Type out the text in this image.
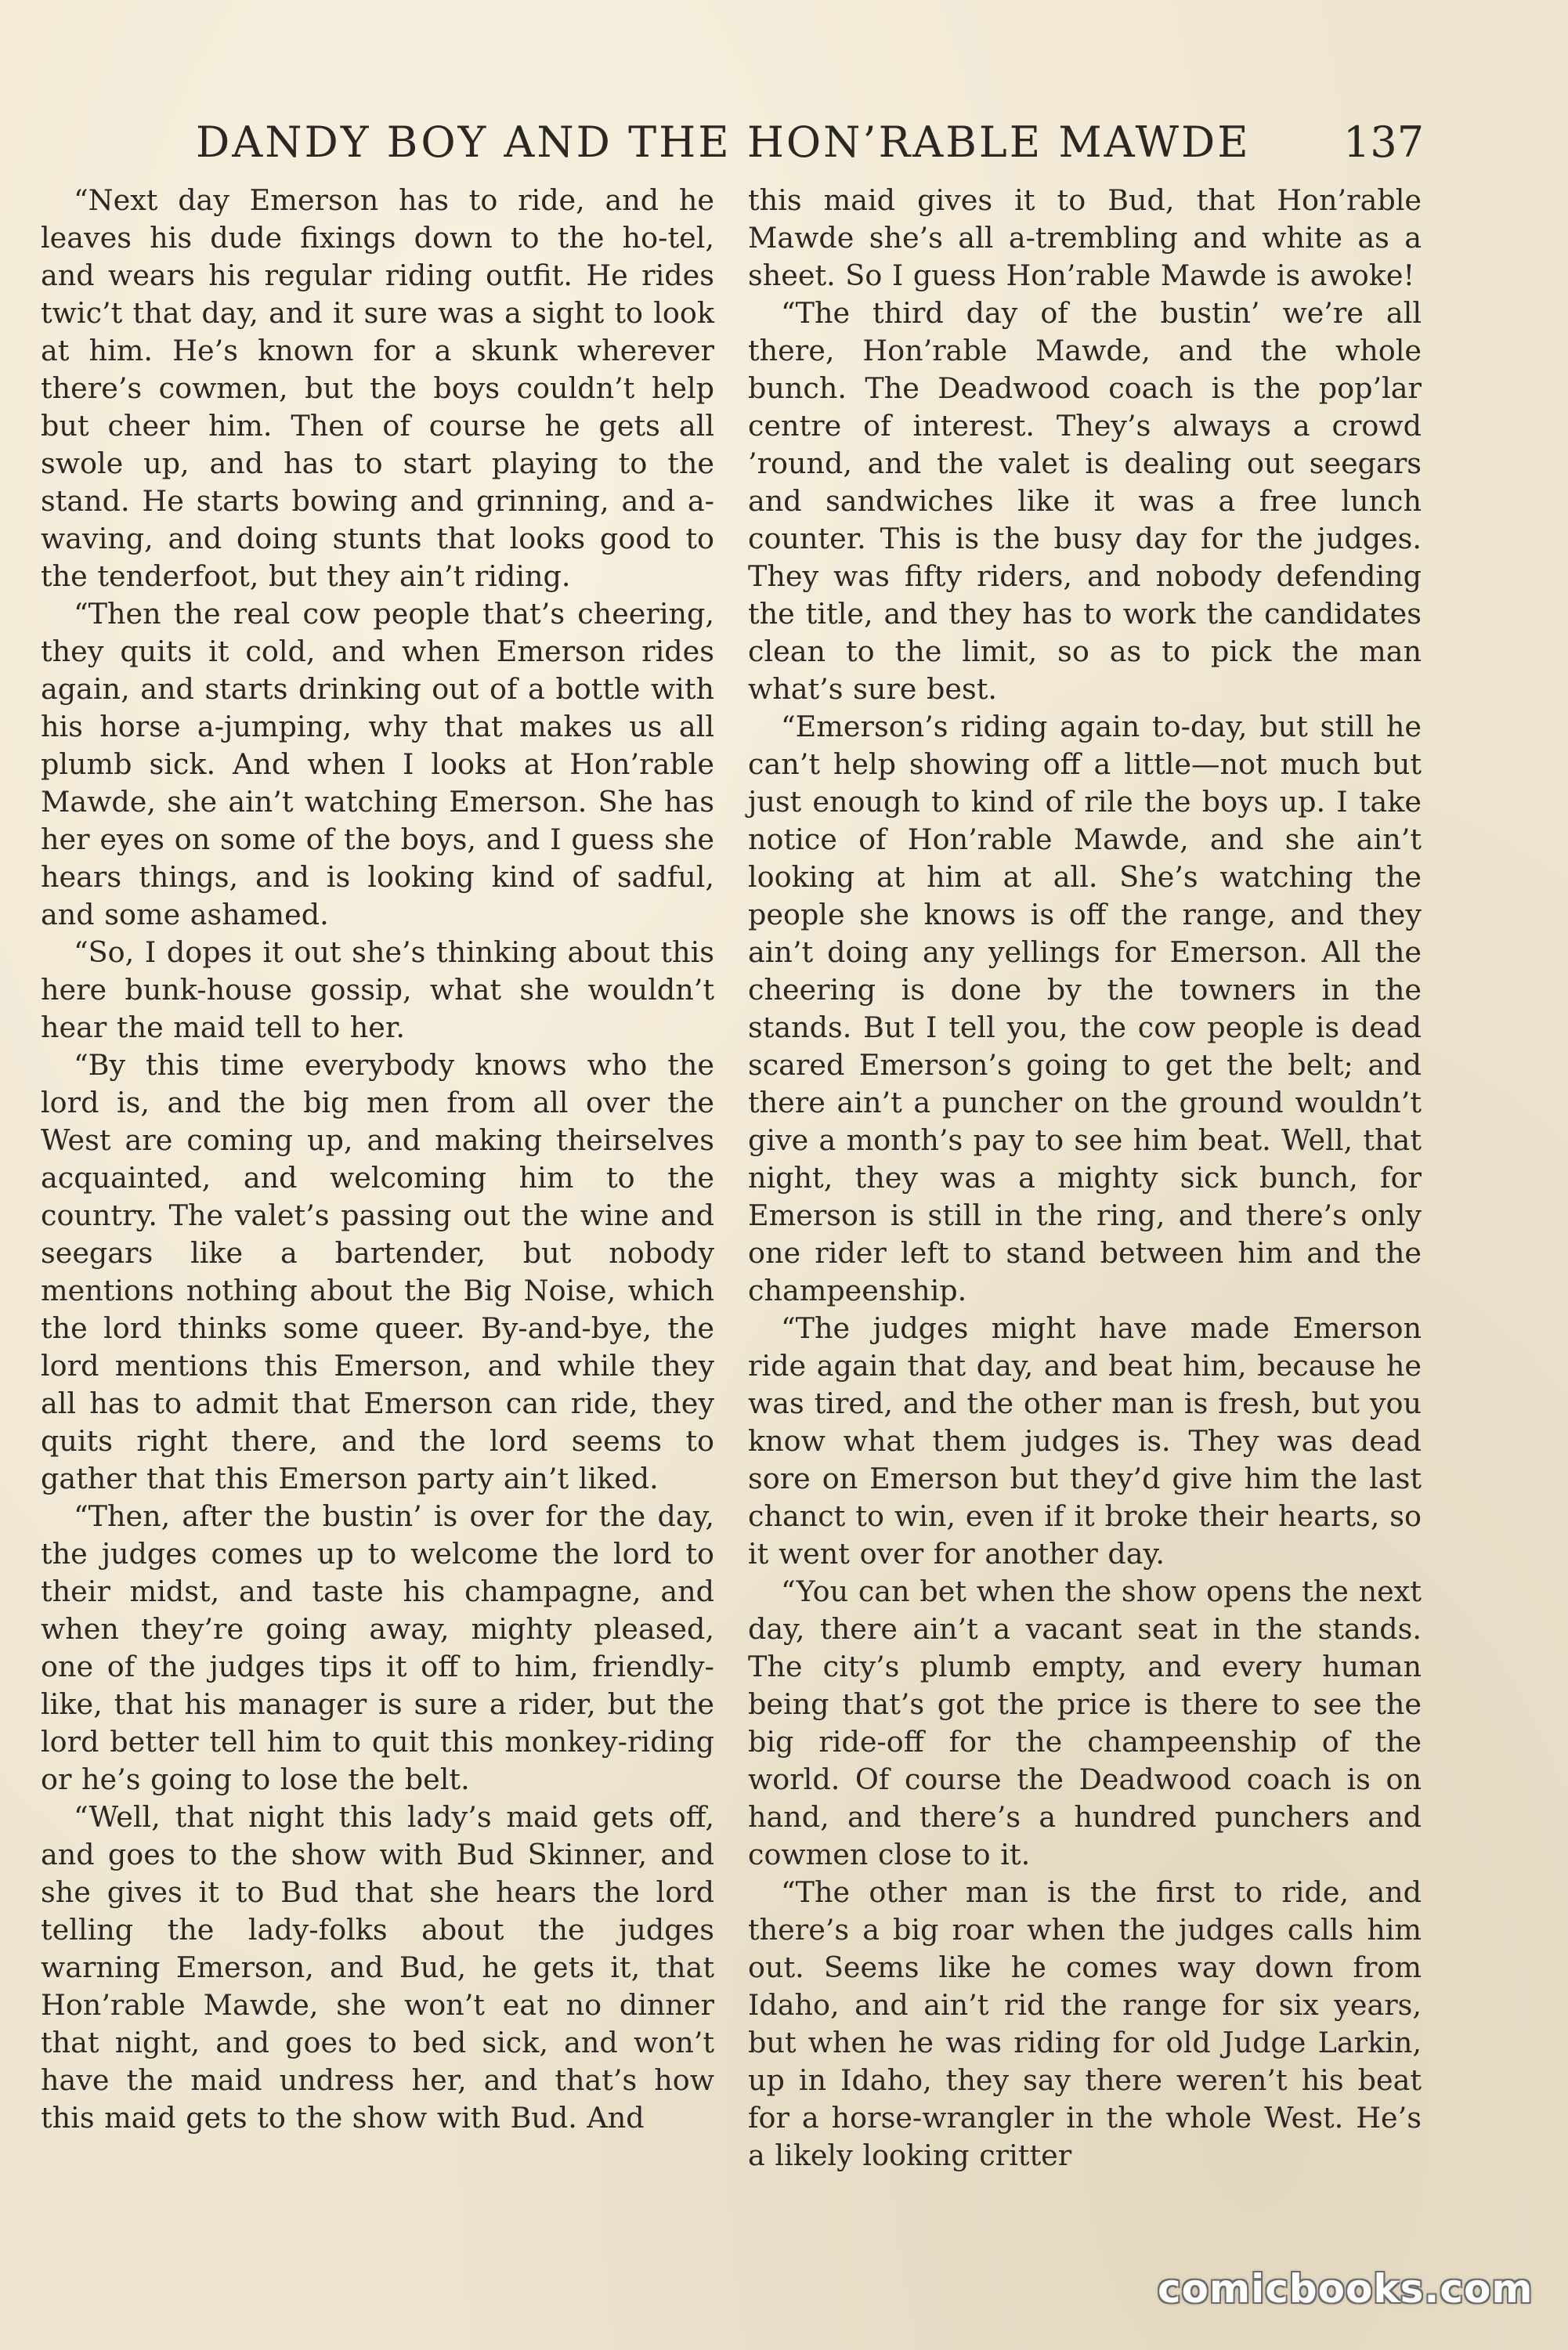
DANDY BOY AND THE HON’RABLE MAWDE 137

“Next day Emerson has to ride, and he leaves his dude fixings down to the ho-tel, and wears his regular riding outfit. He rides twic’t that day, and it sure was a sight to look at him. He’s known for a skunk wherever there’s cowmen, but the boys couldn’t help but cheer him. Then of course he gets all swole up, and has to start playing to the stand. He starts bowing and grinning, and a-waving, and doing stunts that looks good to the tenderfoot, but they ain’t riding.

“Then the real cow people that’s cheering, they quits it cold, and when Emerson rides again, and starts drinking out of a bottle with his horse a-jumping, why that makes us all plumb sick. And when I looks at Hon’rable Mawde, she ain’t watching Emerson. She has her eyes on some of the boys, and I guess she hears things, and is looking kind of sadful, and some ashamed.

“So, I dopes it out she’s thinking about this here bunk-house gossip, what she wouldn’t hear the maid tell to her.

“By this time everybody knows who the lord is, and the big men from all over the West are coming up, and making theirselves acquainted, and welcoming him to the country. The valet’s passing out the wine and seegars like a bartender, but nobody mentions nothing about the Big Noise, which the lord thinks some queer. By-and-bye, the lord mentions this Emerson, and while they all has to admit that Emerson can ride, they quits right there, and the lord seems to gather that this Emerson party ain’t liked.

“Then, after the bustin’ is over for the day, the judges comes up to welcome the lord to their midst, and taste his champagne, and when they’re going away, mighty pleased, one of the judges tips it off to him, friendly-like, that his manager is sure a rider, but the lord better tell him to quit this monkey-riding or he’s going to lose the belt.

“Well, that night this lady’s maid gets off, and goes to the show with Bud Skinner, and she gives it to Bud that she hears the lord telling the lady-folks about the judges warning Emerson, and Bud, he gets it, that Hon’rable Mawde, she won’t eat no dinner that night, and goes to bed sick, and won’t have the maid undress her, and that’s how this maid gets to the show with Bud. And

this maid gives it to Bud, that Hon’rable Mawde she’s all a-trembling and white as a sheet. So I guess Hon’rable Mawde is awoke!

“The third day of the bustin’ we’re all there, Hon’rable Mawde, and the whole bunch. The Deadwood coach is the pop’lar centre of interest. They’s always a crowd ’round, and the valet is dealing out seegars and sandwiches like it was a free lunch counter. This is the busy day for the judges. They was fifty riders, and nobody defending the title, and they has to work the candidates clean to the limit, so as to pick the man what’s sure best.

“Emerson’s riding again to-day, but still he can’t help showing off a little—not much but just enough to kind of rile the boys up. I take notice of Hon’rable Mawde, and she ain’t looking at him at all. She’s watching the people she knows is off the range, and they ain’t doing any yellings for Emerson. All the cheering is done by the towners in the stands. But I tell you, the cow people is dead scared Emerson’s going to get the belt; and there ain’t a puncher on the ground wouldn’t give a month’s pay to see him beat. Well, that night, they was a mighty sick bunch, for Emerson is still in the ring, and there’s only one rider left to stand between him and the champeenship.

“The judges might have made Emerson ride again that day, and beat him, because he was tired, and the other man is fresh, but you know what them judges is. They was dead sore on Emerson but they’d give him the last chanct to win, even if it broke their hearts, so it went over for another day.

“You can bet when the show opens the next day, there ain’t a vacant seat in the stands. The city’s plumb empty, and every human being that’s got the price is there to see the big ride-off for the champeenship of the world. Of course the Deadwood coach is on hand, and there’s a hundred punchers and cowmen close to it.

“The other man is the first to ride, and there’s a big roar when the judges calls him out. Seems like he comes way down from Idaho, and ain’t rid the range for six years, but when he was riding for old Judge Larkin, up in Idaho, they say there weren’t his beat for a horse-wrangler in the whole West. He’s a likely looking critter

comicbooks.com
